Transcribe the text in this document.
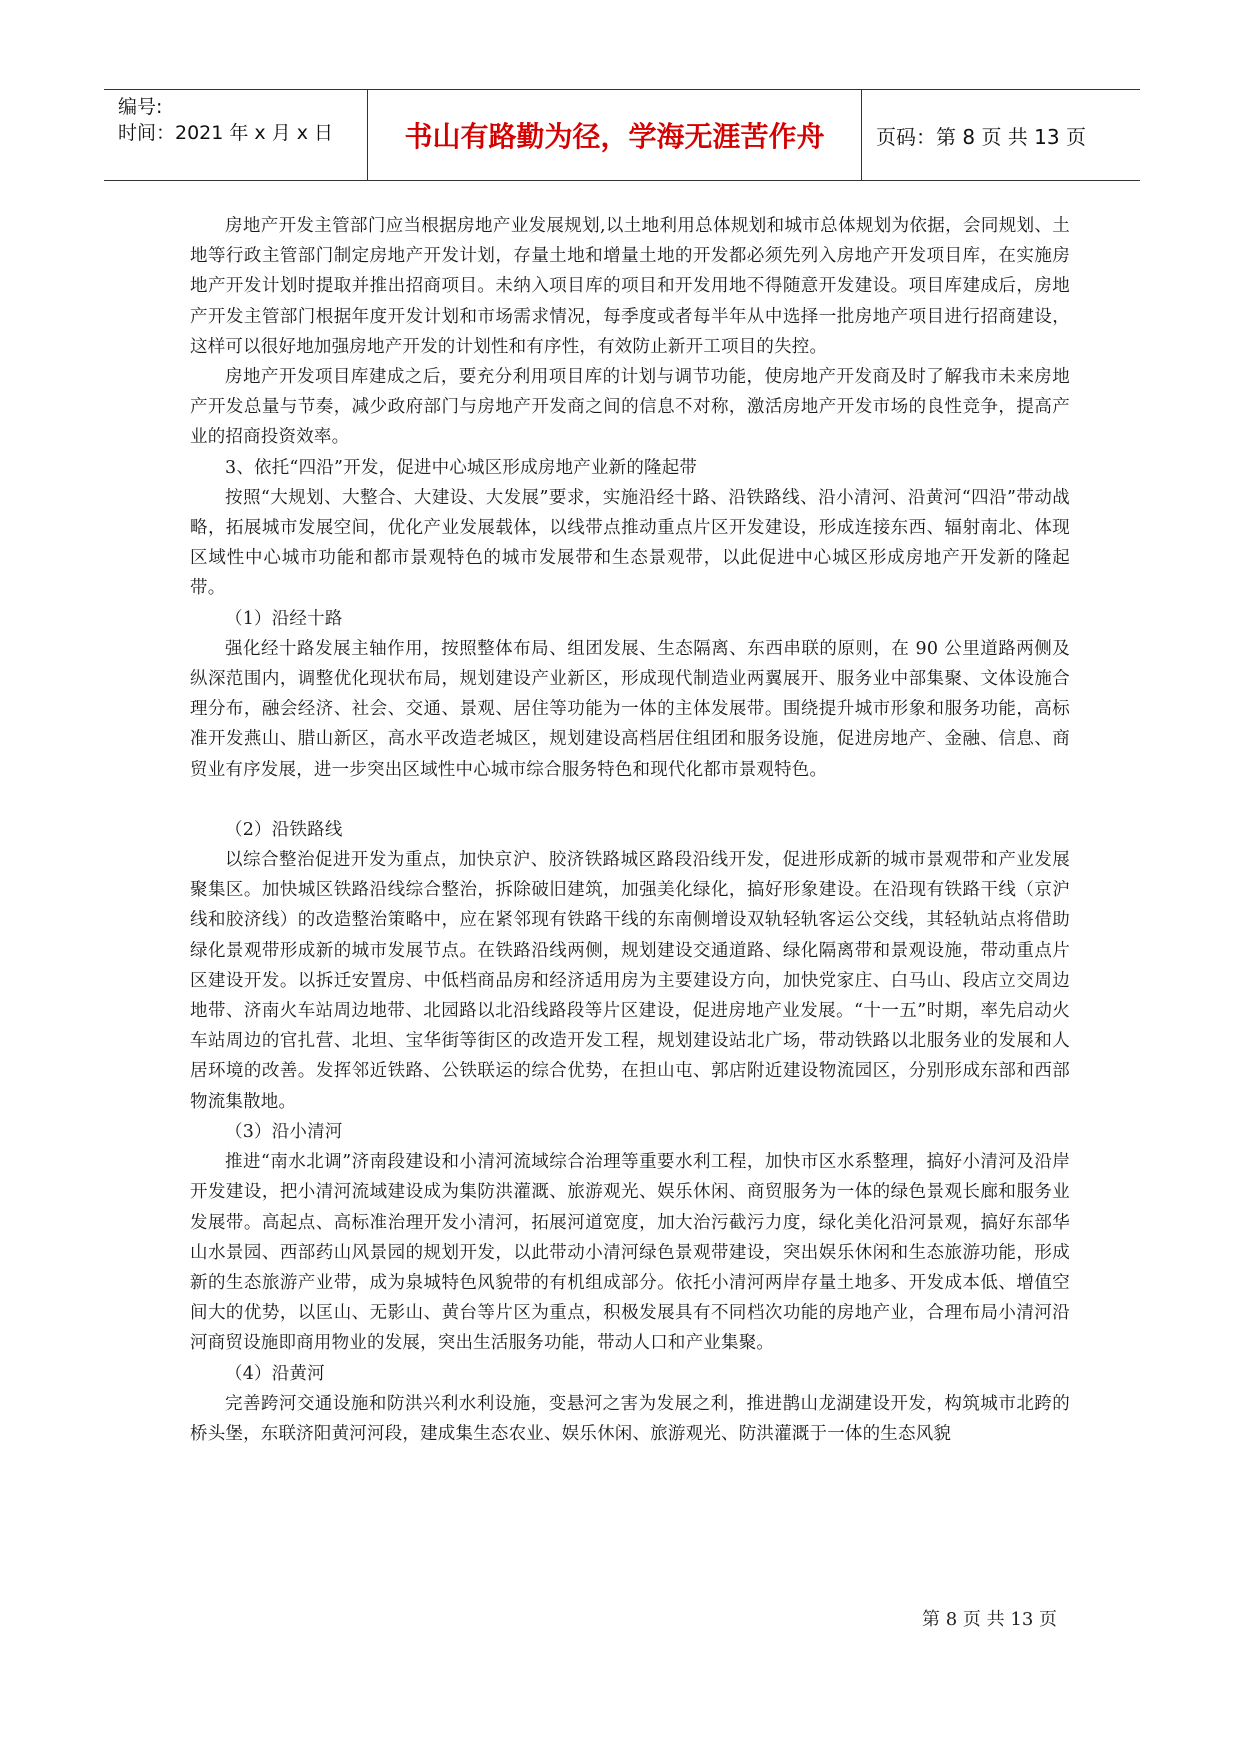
编号:
时间：2021 年 x 月 x 日	书山有路勤为径，学海无涯苦作舟	页码：第 8 页 共 13 页

房地产开发主管部门应当根据房地产业发展规划,以土地利用总体规划和城市总体规划为依据，会同规划、土地等行政主管部门制定房地产开发计划，存量土地和增量土地的开发都必须先列入房地产开发项目库，在实施房地产开发计划时提取并推出招商项目。未纳入项目库的项目和开发用地不得随意开发建设。项目库建成后，房地产开发主管部门根据年度开发计划和市场需求情况，每季度或者每半年从中选择一批房地产项目进行招商建设，这样可以很好地加强房地产开发的计划性和有序性，有效防止新开工项目的失控。

房地产开发项目库建成之后，要充分利用项目库的计划与调节功能，使房地产开发商及时了解我市未来房地产开发总量与节奏，减少政府部门与房地产开发商之间的信息不对称，激活房地产开发市场的良性竞争，提高产业的招商投资效率。

3、依托“四沿”开发，促进中心城区形成房地产业新的隆起带

按照“大规划、大整合、大建设、大发展”要求，实施沿经十路、沿铁路线、沿小清河、沿黄河“四沿”带动战略，拓展城市发展空间，优化产业发展载体，以线带点推动重点片区开发建设，形成连接东西、辐射南北、体现区域性中心城市功能和都市景观特色的城市发展带和生态景观带，以此促进中心城区形成房地产开发新的隆起带。

（1）沿经十路

强化经十路发展主轴作用，按照整体布局、组团发展、生态隔离、东西串联的原则，在 90 公里道路两侧及纵深范围内，调整优化现状布局，规划建设产业新区，形成现代制造业两翼展开、服务业中部集聚、文体设施合理分布，融会经济、社会、交通、景观、居住等功能为一体的主体发展带。围绕提升城市形象和服务功能，高标准开发燕山、腊山新区，高水平改造老城区，规划建设高档居住组团和服务设施，促进房地产、金融、信息、商贸业有序发展，进一步突出区域性中心城市综合服务特色和现代化都市景观特色。

（2）沿铁路线

以综合整治促进开发为重点，加快京沪、胶济铁路城区路段沿线开发，促进形成新的城市景观带和产业发展聚集区。加快城区铁路沿线综合整治，拆除破旧建筑，加强美化绿化，搞好形象建设。在沿现有铁路干线（京沪线和胶济线）的改造整治策略中，应在紧邻现有铁路干线的东南侧增设双轨轻轨客运公交线，其轻轨站点将借助绿化景观带形成新的城市发展节点。在铁路沿线两侧，规划建设交通道路、绿化隔离带和景观设施，带动重点片区建设开发。以拆迁安置房、中低档商品房和经济适用房为主要建设方向，加快党家庄、白马山、段店立交周边地带、济南火车站周边地带、北园路以北沿线路段等片区建设，促进房地产业发展。“十一五”时期，率先启动火车站周边的官扎营、北坦、宝华街等街区的改造开发工程，规划建设站北广场，带动铁路以北服务业的发展和人居环境的改善。发挥邻近铁路、公铁联运的综合优势，在担山屯、郭店附近建设物流园区，分别形成东部和西部物流集散地。

（3）沿小清河

推进“南水北调”济南段建设和小清河流域综合治理等重要水利工程，加快市区水系整理，搞好小清河及沿岸开发建设，把小清河流域建设成为集防洪灌溉、旅游观光、娱乐休闲、商贸服务为一体的绿色景观长廊和服务业发展带。高起点、高标准治理开发小清河，拓展河道宽度，加大治污截污力度，绿化美化沿河景观，搞好东部华山水景园、西部药山风景园的规划开发，以此带动小清河绿色景观带建设，突出娱乐休闲和生态旅游功能，形成新的生态旅游产业带，成为泉城特色风貌带的有机组成部分。依托小清河两岸存量土地多、开发成本低、增值空间大的优势，以匡山、无影山、黄台等片区为重点，积极发展具有不同档次功能的房地产业，合理布局小清河沿河商贸设施即商用物业的发展，突出生活服务功能，带动人口和产业集聚。

（4）沿黄河

完善跨河交通设施和防洪兴利水利设施，变悬河之害为发展之利，推进鹊山龙湖建设开发，构筑城市北跨的桥头堡，东联济阳黄河河段，建成集生态农业、娱乐休闲、旅游观光、防洪灌溉于一体的生态风貌

第 8 页 共 13 页
